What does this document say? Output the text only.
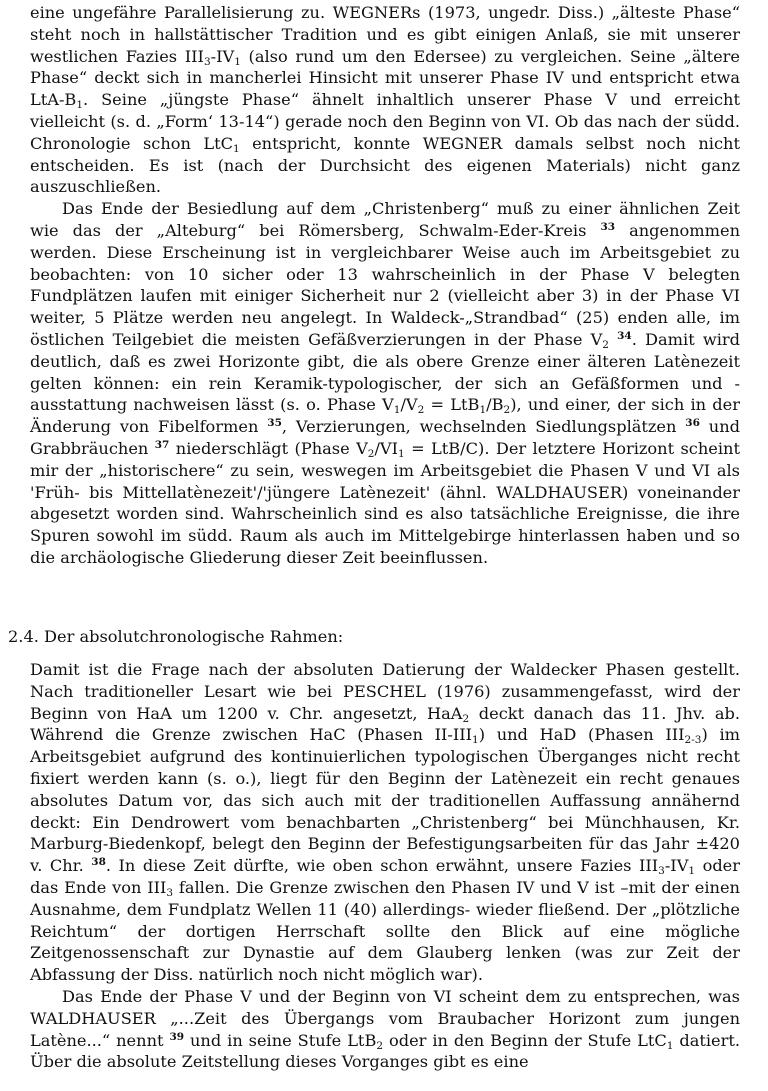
eine ungefähre Parallelisierung zu. WEGNERs (1973, ungedr. Diss.) „älteste Phase“ steht noch in hallstättischer Tradition und es gibt einigen Anlaß, sie mit unserer westlichen Fazies $III_3-IV_1$ (also rund um den Edersee) zu vergleichen. Seine „ältere Phase“ deckt sich in mancherlei Hinsicht mit unserer Phase IV und entspricht etwa LtA-$B_1$. Seine „jüngste Phase“ ähnelt inhaltlich unserer Phase V und erreicht vielleicht (s. d. „Form‘ 13-14“) gerade noch den Beginn von VI. Ob das nach der südd. Chronologie schon LtC$_1$ entspricht, konnte WEGNER damals selbst noch nicht entscheiden. Es ist (nach der Durchsicht des eigenen Materials) nicht ganz auszuschließen.

Das Ende der Besiedlung auf dem „Christenberg“ muß zu einer ähnlichen Zeit wie das der „Alteburg“ bei Römersberg, Schwalm-Eder-Kreis $^{33}$ angenommen werden. Diese Erscheinung ist in vergleichbarer Weise auch im Arbeitsgebiet zu beobachten: von 10 sicher oder 13 wahrscheinlich in der Phase V belegten Fundplätzen laufen mit einiger Sicherheit nur 2 (vielleicht aber 3) in der Phase VI weiter, 5 Plätze werden neu angelegt. In Waldeck-„Strandbad“ (25) enden alle, im östlichen Teilgebiet die meisten Gefäßverzierungen in der Phase $V_2$ $^{34}$. Damit wird deutlich, daß es zwei Horizonte gibt, die als obere Grenze einer älteren Latènezeit gelten können: ein rein Keramik-typologischer, der sich an Gefäßformen und -ausstattung nachweisen lässt (s. o. Phase $V_1/V_2 = LtB_1/B_2$), und einer, der sich in der Änderung von Fibelformen $^{35}$, Verzierungen, wechselnden Siedlungsplätzen $^{36}$ und Grabbräuchen $^{37}$ niederschlägt (Phase $V_2/VI_1 = LtB/C$). Der letztere Horizont scheint mir der „historischere“ zu sein, weswegen im Arbeitsgebiet die Phasen V und VI als 'Früh- bis Mittellatènezeit'/'jüngere Latènezeit' (ähnl. WALDHAUSER) voneinander abgesetzt worden sind. Wahrscheinlich sind es also tatsächliche Ereignisse, die ihre Spuren sowohl im südd. Raum als auch im Mittelgebirge hinterlassen haben und so die archäologische Gliederung dieser Zeit beeinflussen.

2.4. Der absolutchronologische Rahmen:

Damit ist die Frage nach der absoluten Datierung der Waldecker Phasen gestellt. Nach traditioneller Lesart wie bei PESCHEL (1976) zusammengefasst, wird der Beginn von HaA um 1200 v. Chr. angesetzt, HaA$_2$ deckt danach das 11. Jhv. ab. Während die Grenze zwischen HaC (Phasen $II-III_1$) und HaD (Phasen $III_{2-3}$) im Arbeitsgebiet aufgrund des kontinuierlichen typologischen Überganges nicht recht fixiert werden kann (s. o.), liegt für den Beginn der Latènezeit ein recht genaues absolutes Datum vor, das sich auch mit der traditionellen Auffassung annähernd deckt: Ein Dendrowert vom benachbarten „Christenberg“ bei Münchhausen, Kr. Marburg-Biedenkopf, belegt den Beginn der Befestigungsarbeiten für das Jahr ±420 v. Chr. $^{38}$. In diese Zeit dürfte, wie oben schon erwähnt, unsere Fazies $III_3-IV_1$ oder das Ende von $III_3$ fallen. Die Grenze zwischen den Phasen IV und V ist –mit der einen Ausnahme, dem Fundplatz Wellen 11 (40) allerdings- wieder fließend. Der „plötzliche Reichtum“ der dortigen Herrschaft sollte den Blick auf eine mögliche Zeitgenossenschaft zur Dynastie auf dem Glauberg lenken (was zur Zeit der Abfassung der Diss. natürlich noch nicht möglich war).

Das Ende der Phase V und der Beginn von VI scheint dem zu entsprechen, was WALDHAUSER „...Zeit des Übergangs vom Braubacher Horizont zum jungen Latène...“ nennt $^{39}$ und in seine Stufe LtB$_2$ oder in den Beginn der Stufe LtC$_1$ datiert. Über die absolute Zeitstellung dieses Vorganges gibt es eine
